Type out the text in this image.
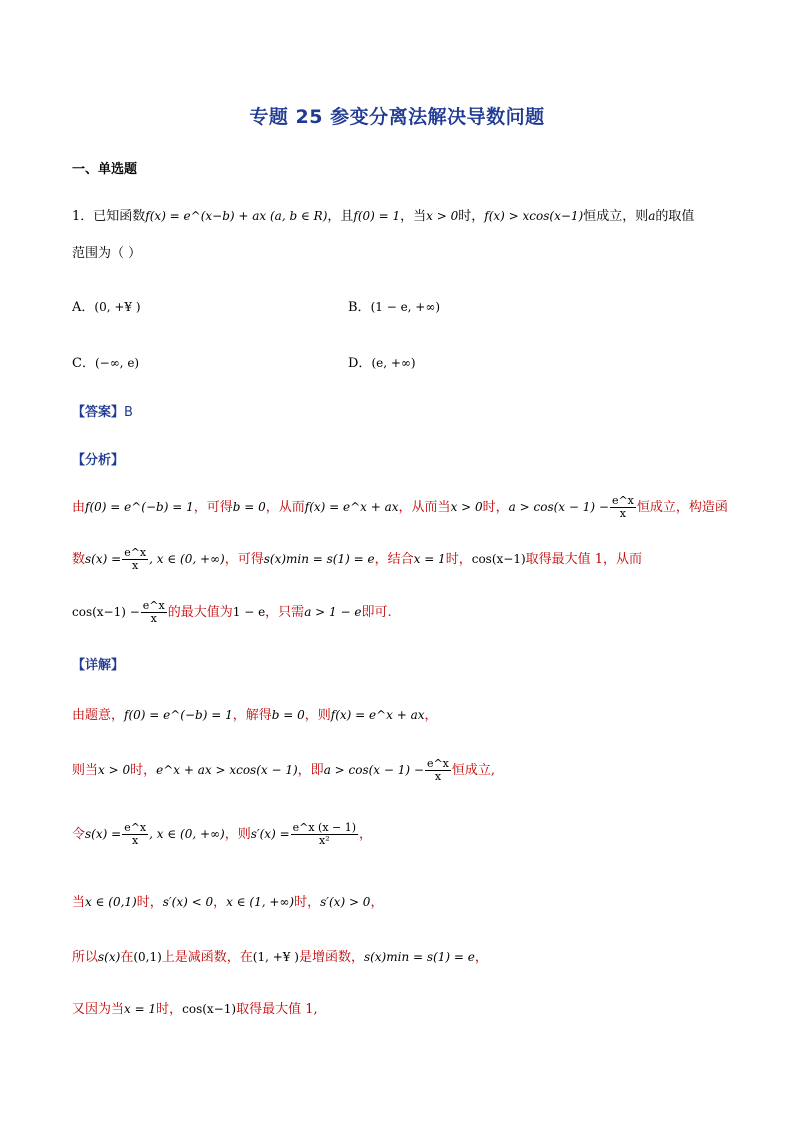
专题 25 参变分离法解决导数问题
一、单选题
1．已知函数f(x) = e^(x−b) + ax (a, b ∈ R)，且f(0) = 1，当x > 0时，f(x) > xcos(x−1)恒成立，则a的取值
范围为（ ）
A．(0, +¥ )	B．(1 − e, +∞)
C．(−∞, e)	D．(e, +∞)
【答案】B
【分析】
由f(0) = e^(−b) = 1，可得b = 0，从而f(x) = e^x + ax，从而当x > 0时，$a > \cos(x - 1) - \frac{e\^{}x}{x}$ 恒成立，构造函
数$s(x) = \frac{e\^{}x}{x}$ , x ∈ (0, +∞)，可得s(x)min = s(1) = e，结合x = 1时，cos(x−1)取得最大值 1，从而
$\cos(x-1) - \frac{e\^{}x}{x}$ 的最大值为1 − e，只需a > 1 − e即可.
【详解】
由题意，f(0) = e^(−b) = 1，解得b = 0，则f(x) = e^x + ax，
则当x > 0时，e^x + ax > xcos(x − 1)，即$a > \cos(x - 1) - \frac{e\^{}x}{x}$ 恒成立,
令$s(x) = \frac{e\^{}x}{x}$ , x ∈ (0, +∞)，则$s'(x) = \frac{e\^{}x (x - 1)}{\text{x²}}$ ，
当x ∈ (0,1)时，s′(x) < 0，x ∈ (1, +∞)时，s′(x) > 0，
所以s(x)在(0,1)上是减函数，在(1, +¥ )是增函数，s(x)min = s(1) = e，
又因为当x = 1时，cos(x−1)取得最大值 1,
